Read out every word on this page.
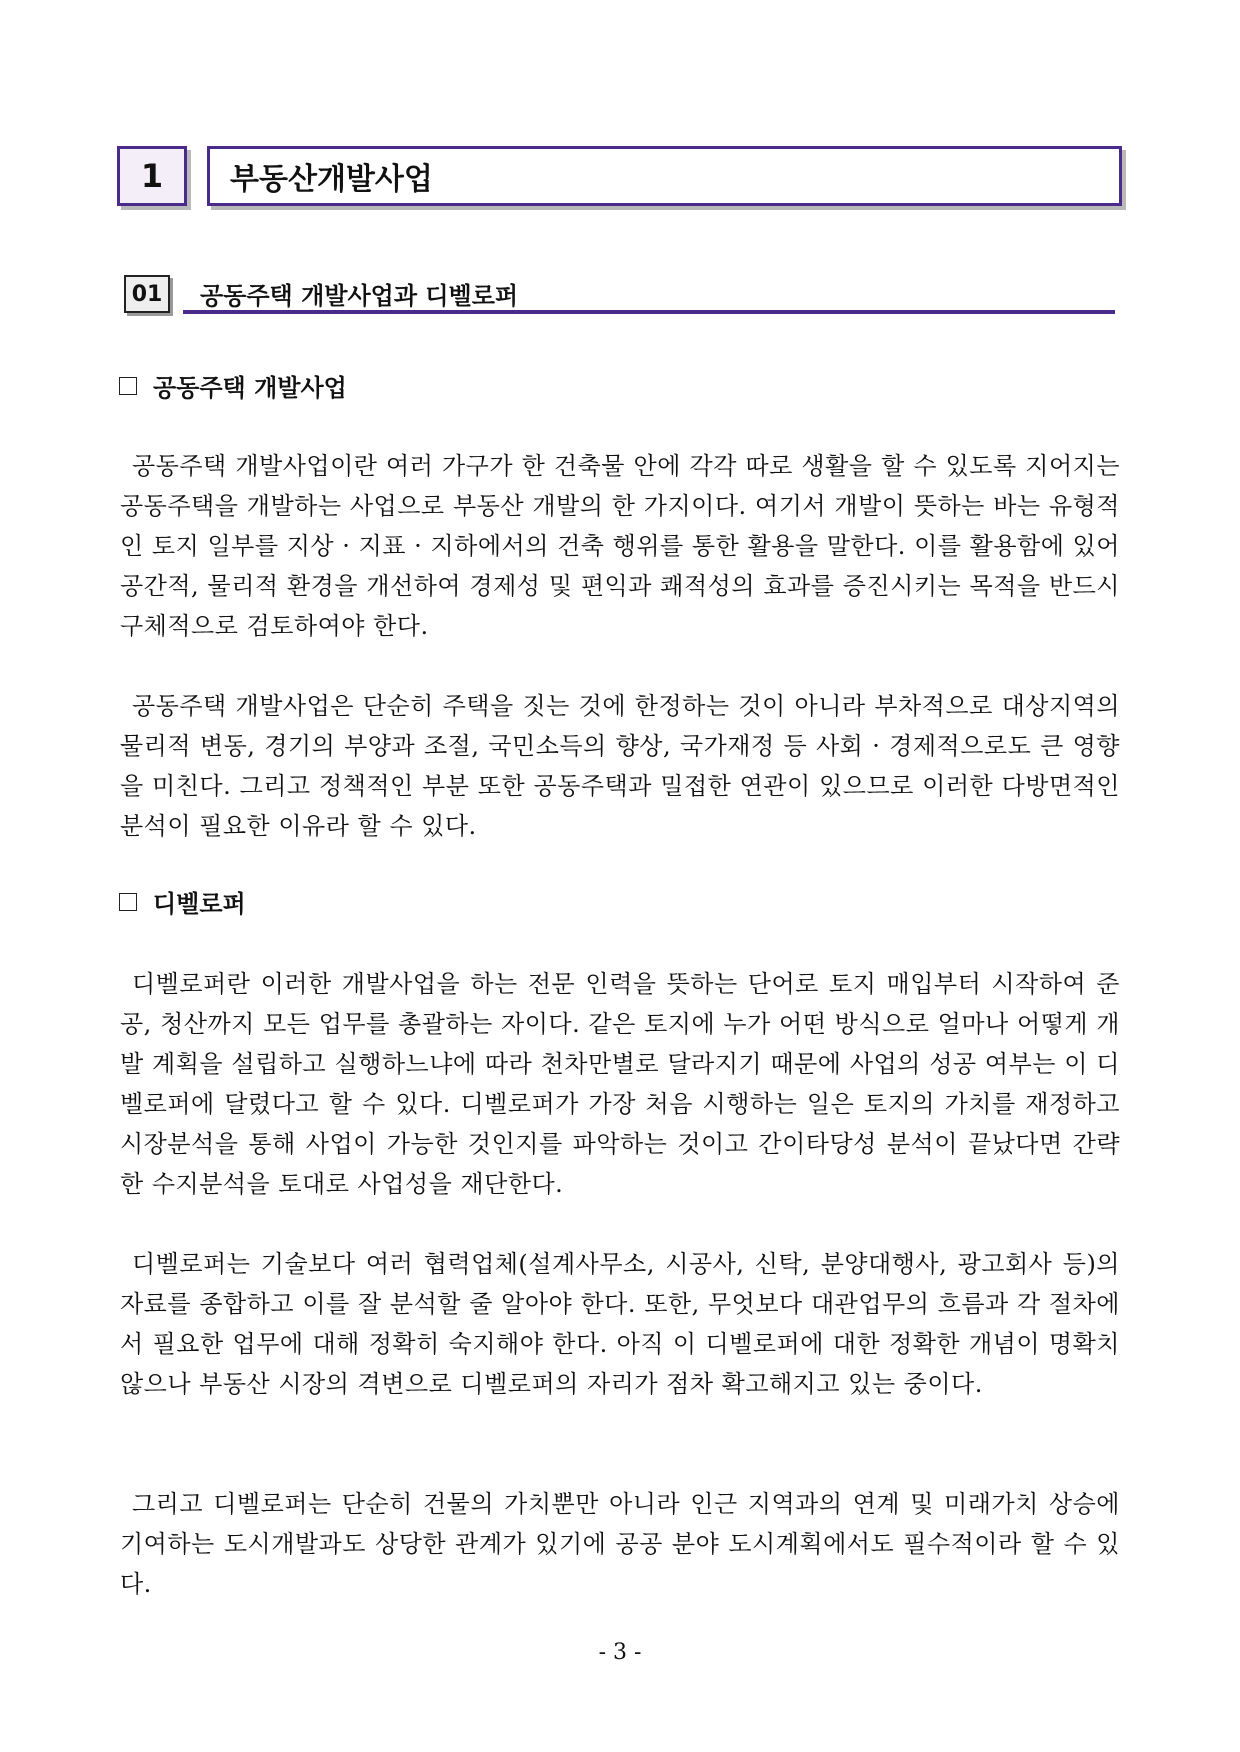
1	부동산개발사업
01	공동주택 개발사업과 디벨로퍼
공동주택 개발사업
공동주택 개발사업이란 여러 가구가 한 건축물 안에 각각 따로 생활을 할 수 있도록 지어지는 공동주택을 개발하는 사업으로 부동산 개발의 한 가지이다. 여기서 개발이 뜻하는 바는 유형적인 토지 일부를 지상 · 지표 · 지하에서의 건축 행위를 통한 활용을 말한다. 이를 활용함에 있어 공간적, 물리적 환경을 개선하여 경제성 및 편익과 쾌적성의 효과를 증진시키는 목적을 반드시 구체적으로 검토하여야 한다.
공동주택 개발사업은 단순히 주택을 짓는 것에 한정하는 것이 아니라 부차적으로 대상지역의 물리적 변동, 경기의 부양과 조절, 국민소득의 향상, 국가재정 등 사회 · 경제적으로도 큰 영향을 미친다. 그리고 정책적인 부분 또한 공동주택과 밀접한 연관이 있으므로 이러한 다방면적인 분석이 필요한 이유라 할 수 있다.
디벨로퍼
디벨로퍼란 이러한 개발사업을 하는 전문 인력을 뜻하는 단어로 토지 매입부터 시작하여 준공, 청산까지 모든 업무를 총괄하는 자이다. 같은 토지에 누가 어떤 방식으로 얼마나 어떻게 개발 계획을 설립하고 실행하느냐에 따라 천차만별로 달라지기 때문에 사업의 성공 여부는 이 디벨로퍼에 달렸다고 할 수 있다. 디벨로퍼가 가장 처음 시행하는 일은 토지의 가치를 재정하고 시장분석을 통해 사업이 가능한 것인지를 파악하는 것이고 간이타당성 분석이 끝났다면 간략한 수지분석을 토대로 사업성을 재단한다.
디벨로퍼는 기술보다 여러 협력업체(설계사무소, 시공사, 신탁, 분양대행사, 광고회사 등)의 자료를 종합하고 이를 잘 분석할 줄 알아야 한다. 또한, 무엇보다 대관업무의 흐름과 각 절차에서 필요한 업무에 대해 정확히 숙지해야 한다. 아직 이 디벨로퍼에 대한 정확한 개념이 명확치 않으나 부동산 시장의 격변으로 디벨로퍼의 자리가 점차 확고해지고 있는 중이다.
그리고 디벨로퍼는 단순히 건물의 가치뿐만 아니라 인근 지역과의 연계 및 미래가치 상승에 기여하는 도시개발과도 상당한 관계가 있기에 공공 분야 도시계획에서도 필수적이라 할 수 있다.
- 3 -
